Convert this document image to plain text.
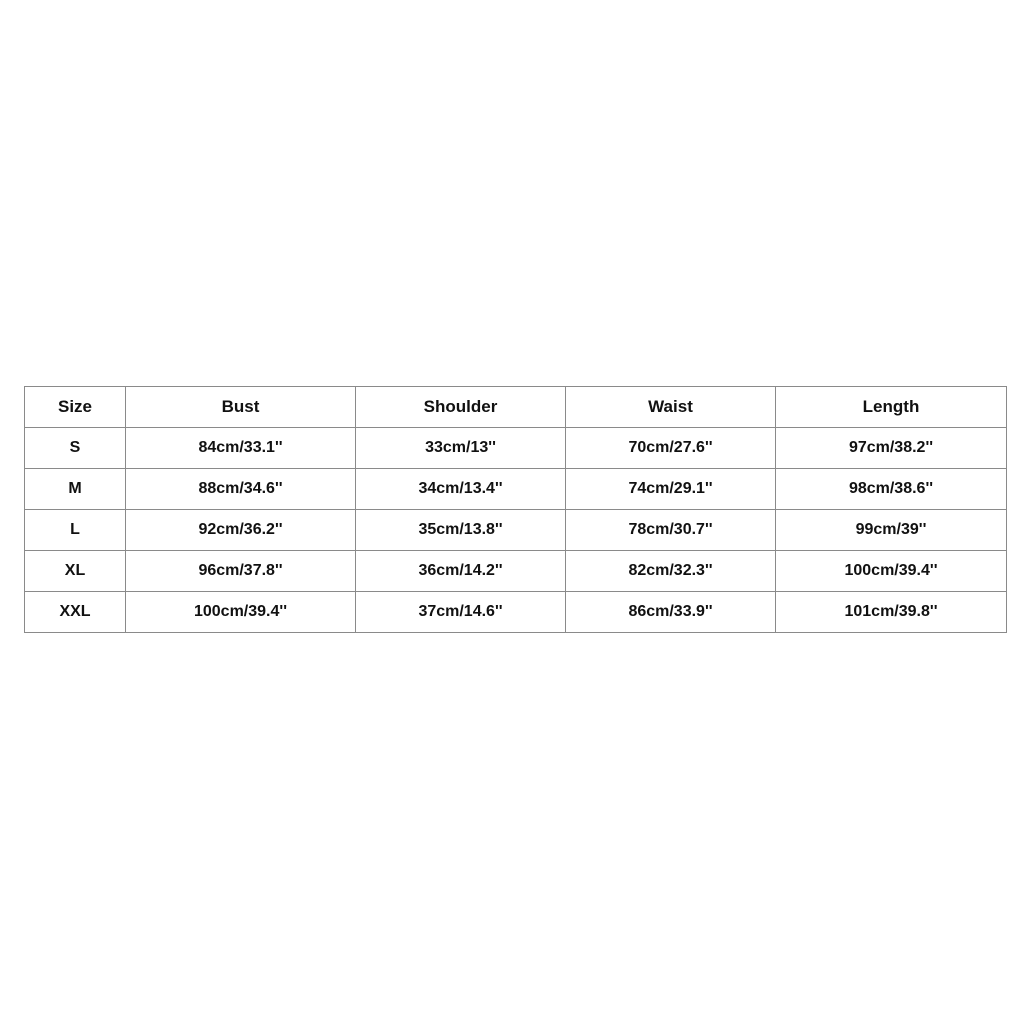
Size	Bust	Shoulder	Waist	Length
S	84cm/33.1''	33cm/13''	70cm/27.6''	97cm/38.2''
M	88cm/34.6''	34cm/13.4''	74cm/29.1''	98cm/38.6''
L	92cm/36.2''	35cm/13.8''	78cm/30.7''	99cm/39''
XL	96cm/37.8''	36cm/14.2''	82cm/32.3''	100cm/39.4''
XXL	100cm/39.4''	37cm/14.6''	86cm/33.9''	101cm/39.8''
